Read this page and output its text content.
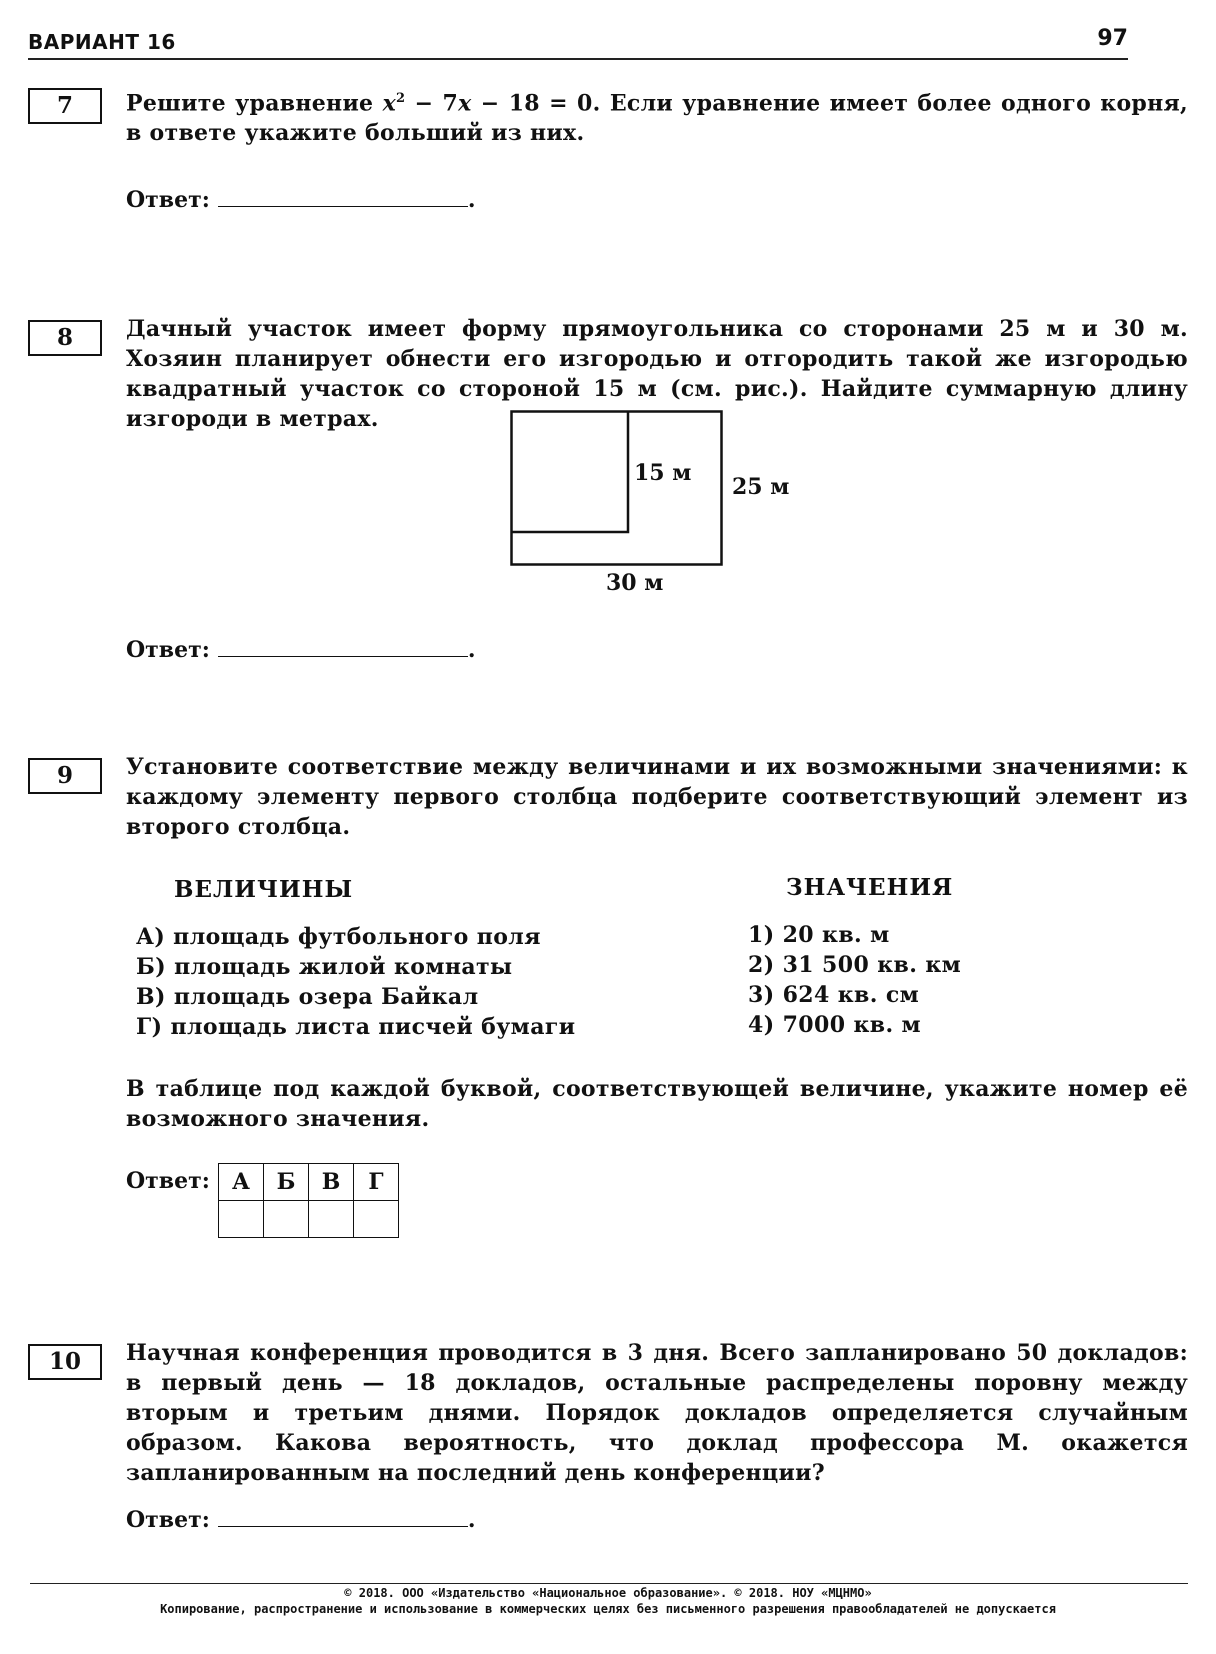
ВАРИАНТ 16	97
7	Решите уравнение $x^2 - 7x - 18 = 0$. Если уравнение имеет более одного корня, в ответе укажите больший из них.
Ответ:	.
8	Дачный участок имеет форму прямоугольника со сторонами 25 м и 30 м. Хозяин планирует обнести его изгородью и отгородить такой же изгородью квадратный участок со стороной 15 м (см. рис.). Найдите суммарную длину изгороди в метрах.
15 м
25 м
30 м
Ответ:	.
9	Установите соответствие между величинами и их возможными значениями: к каждому элементу первого столбца подберите соответствующий элемент из второго столбца.
ВЕЛИЧИНЫ	ЗНАЧЕНИЯ
А) площадь футбольного поля
Б) площадь жилой комнаты
В) площадь озера Байкал
Г) площадь листа писчей бумаги
1) 20 кв. м
2) 31 500 кв. км
3) 624 кв. см
4) 7000 кв. м
В таблице под каждой буквой, соответствующей величине, укажите номер её возможного значения.
Ответ: А	Б	В	Г

10	Научная конференция проводится в 3 дня. Всего запланировано 50 докладов: в первый день — 18 докладов, остальные распределены поровну между вторым и третьим днями. Порядок докладов определяется случайным образом. Какова вероятность, что доклад профессора М. окажется запланированным на последний день конференции?
Ответ:	.
© 2018. ООО «Издательство «Национальное образование». © 2018. НОУ «МЦНМО»
Копирование, распространение и использование в коммерческих целях без письменного разрешения правообладателей не допускается
